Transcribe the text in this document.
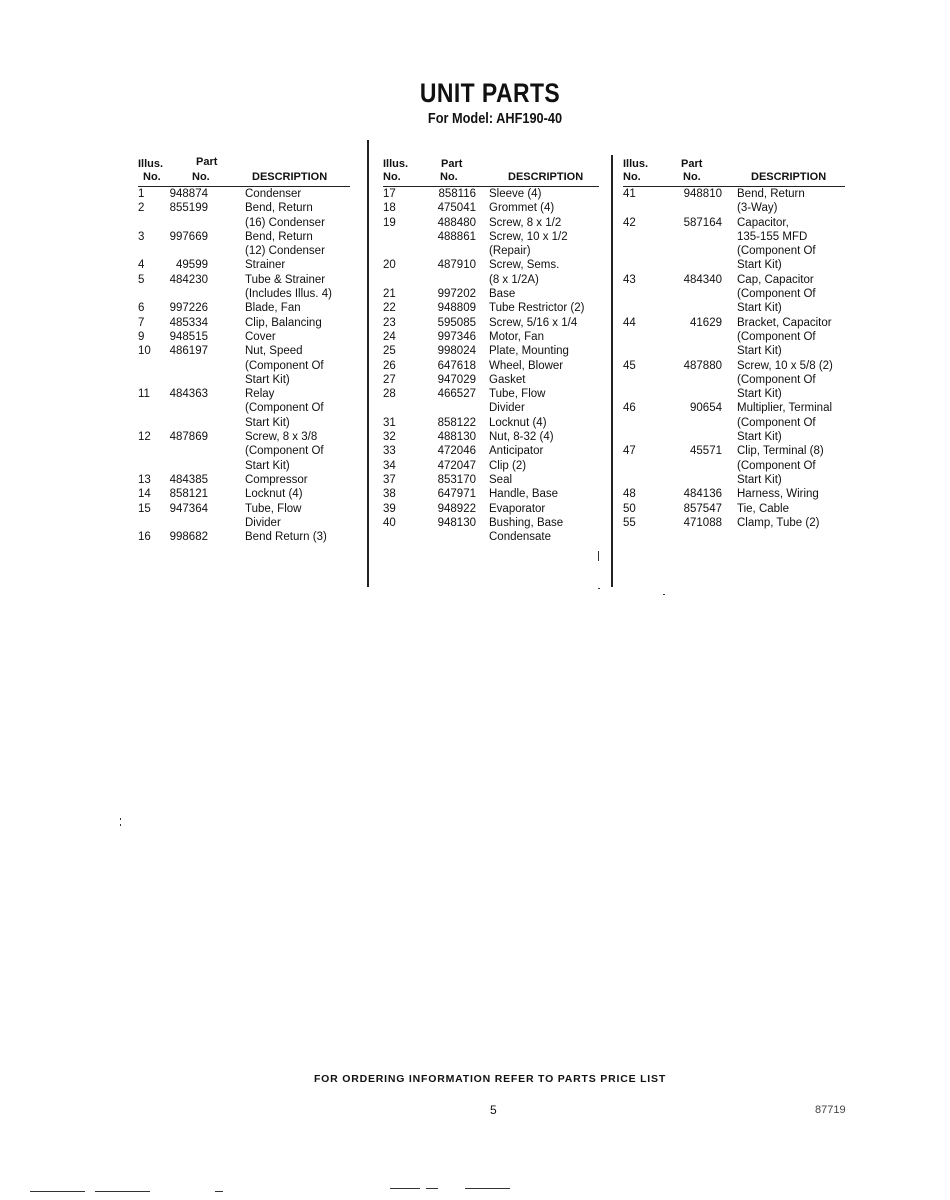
UNIT PARTS
For Model: AHF190-40
Illus.
No.
Part
No.	DESCRIPTION
1	948874	Condenser
2	855199	Bend, Return
(16) Condenser
3	997669	Bend, Return
(12) Condenser
4	49599	Strainer
5	484230	Tube & Strainer
(Includes Illus. 4)
6	997226	Blade, Fan
7	485334	Clip, Balancing
9	948515	Cover
10	486197	Nut, Speed
(Component Of
Start Kit)
11	484363	Relay
(Component Of
Start Kit)
12	487869	Screw, 8 x 3/8
(Component Of
Start Kit)
13	484385	Compressor
14	858121	Locknut (4)
15	947364	Tube, Flow
Divider
16	998682	Bend Return (3)
Illus.
No.
Part
No.	DESCRIPTION
17	858116 Sleeve (4)
18	475041 Grommet (4)
19	488480 Screw, 8 x 1/2
488861 Screw, 10 x 1/2
(Repair)
20	487910 Screw, Sems.
(8 x 1/2A)
21	997202 Base
22	948809 Tube Restrictor (2)
23	595085 Screw, 5/16 x 1/4
24	997346 Motor, Fan
25	998024 Plate, Mounting
26	647618 Wheel, Blower
27	947029 Gasket
28	466527 Tube, Flow
Divider
31	858122 Locknut (4)
32	488130 Nut, 8-32 (4)
33	472046 Anticipator
34	472047 Clip (2)
37	853170 Seal
38	647971 Handle, Base
39	948922 Evaporator
40	948130 Bushing, Base
Condensate
Illus.
No.
Part
No.	DESCRIPTION
41	948810 Bend, Return
(3-Way)
42	587164 Capacitor,
135-155 MFD
(Component Of
Start Kit)
43	484340 Cap, Capacitor
(Component Of
Start Kit)
44	41629 Bracket, Capacitor
(Component Of
Start Kit)
45	487880 Screw, 10 x 5/8 (2)
(Component Of
Start Kit)
46	90654 Multiplier, Terminal
(Component Of
Start Kit)
47	45571 Clip, Terminal (8)
(Component Of
Start Kit)
48	484136 Harness, Wiring
50	857547 Tie, Cable
55	471088 Clamp, Tube (2)
FOR ORDERING INFORMATION REFER TO PARTS PRICE LIST
5	87719
